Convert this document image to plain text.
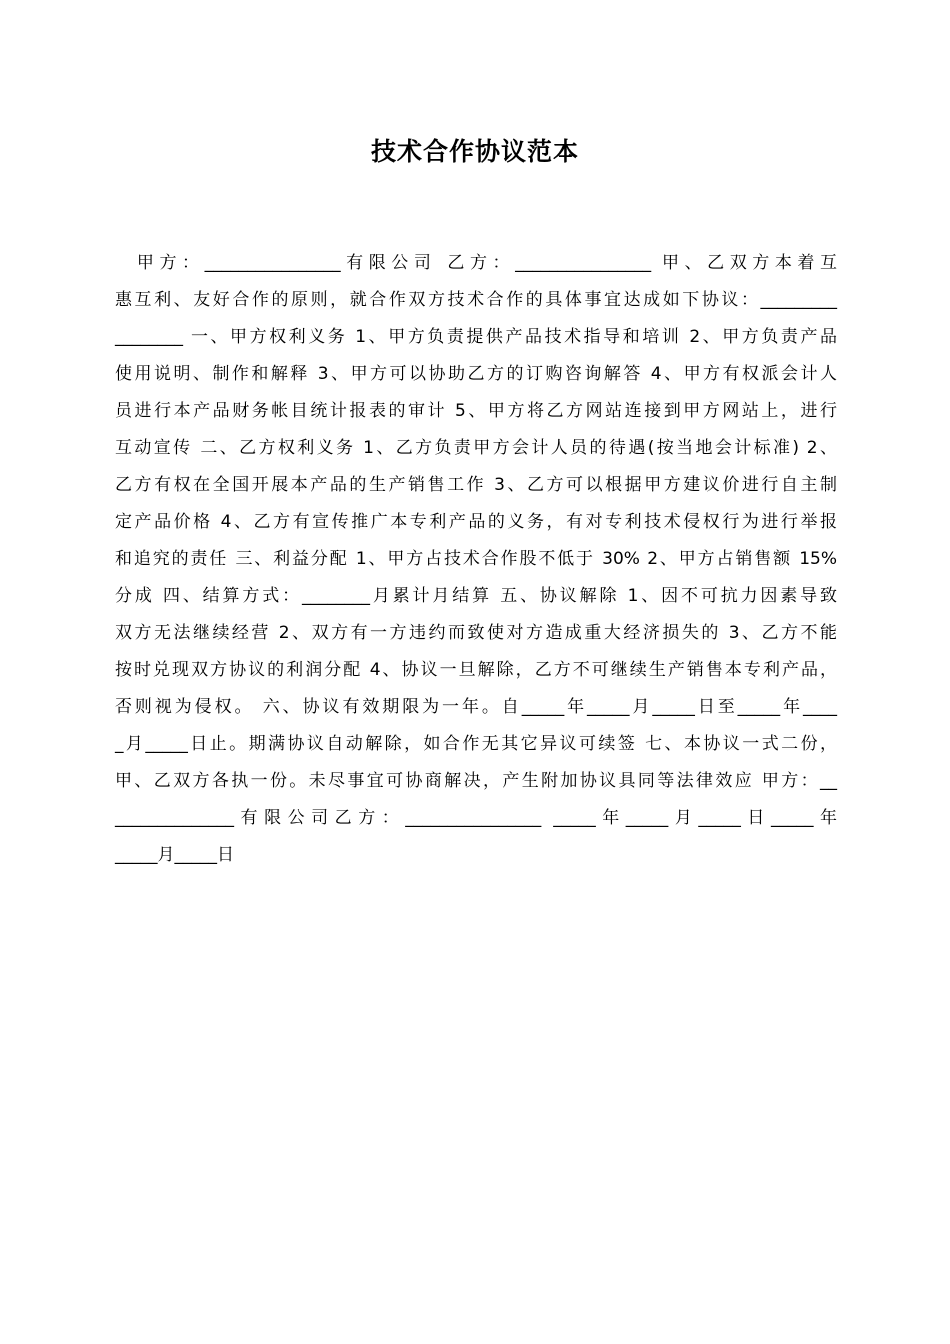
技术合作协议范本
甲方：________________有限公司 乙方：________________ 甲、乙双方本着互
惠互利、友好合作的原则，就合作双方技术合作的具体事宜达成如下协议：_________
________ 一、甲方权利义务 1、甲方负责提供产品技术指导和培训 2、甲方负责产品
使用说明、制作和解释 3、甲方可以协助乙方的订购咨询解答 4、甲方有权派会计人
员进行本产品财务帐目统计报表的审计 5、甲方将乙方网站连接到甲方网站上，进行
互动宣传 二、乙方权利义务 1、乙方负责甲方会计人员的待遇(按当地会计标准) 2、
乙方有权在全国开展本产品的生产销售工作 3、乙方可以根据甲方建议价进行自主制
定产品价格 4、乙方有宣传推广本专利产品的义务，有对专利技术侵权行为进行举报
和追究的责任 三、利益分配 1、甲方占技术合作股不低于 30% 2、甲方占销售额 15%
分成 四、结算方式：________月累计月结算 五、协议解除 1、因不可抗力因素导致
双方无法继续经营 2、双方有一方违约而致使对方造成重大经济损失的 3、乙方不能
按时兑现双方协议的利润分配 4、协议一旦解除，乙方不可继续生产销售本专利产品，
否则视为侵权。 六、协议有效期限为一年。自_____年_____月_____日至_____年____
_月_____日止。期满协议自动解除，如合作无其它异议可续签 七、本协议一式二份，
甲、乙双方各执一份。未尽事宜可协商解决，产生附加协议具同等法律效应 甲方：__
______________有限公司乙方：________________ _____年_____月_____日_____年
_____月_____日
